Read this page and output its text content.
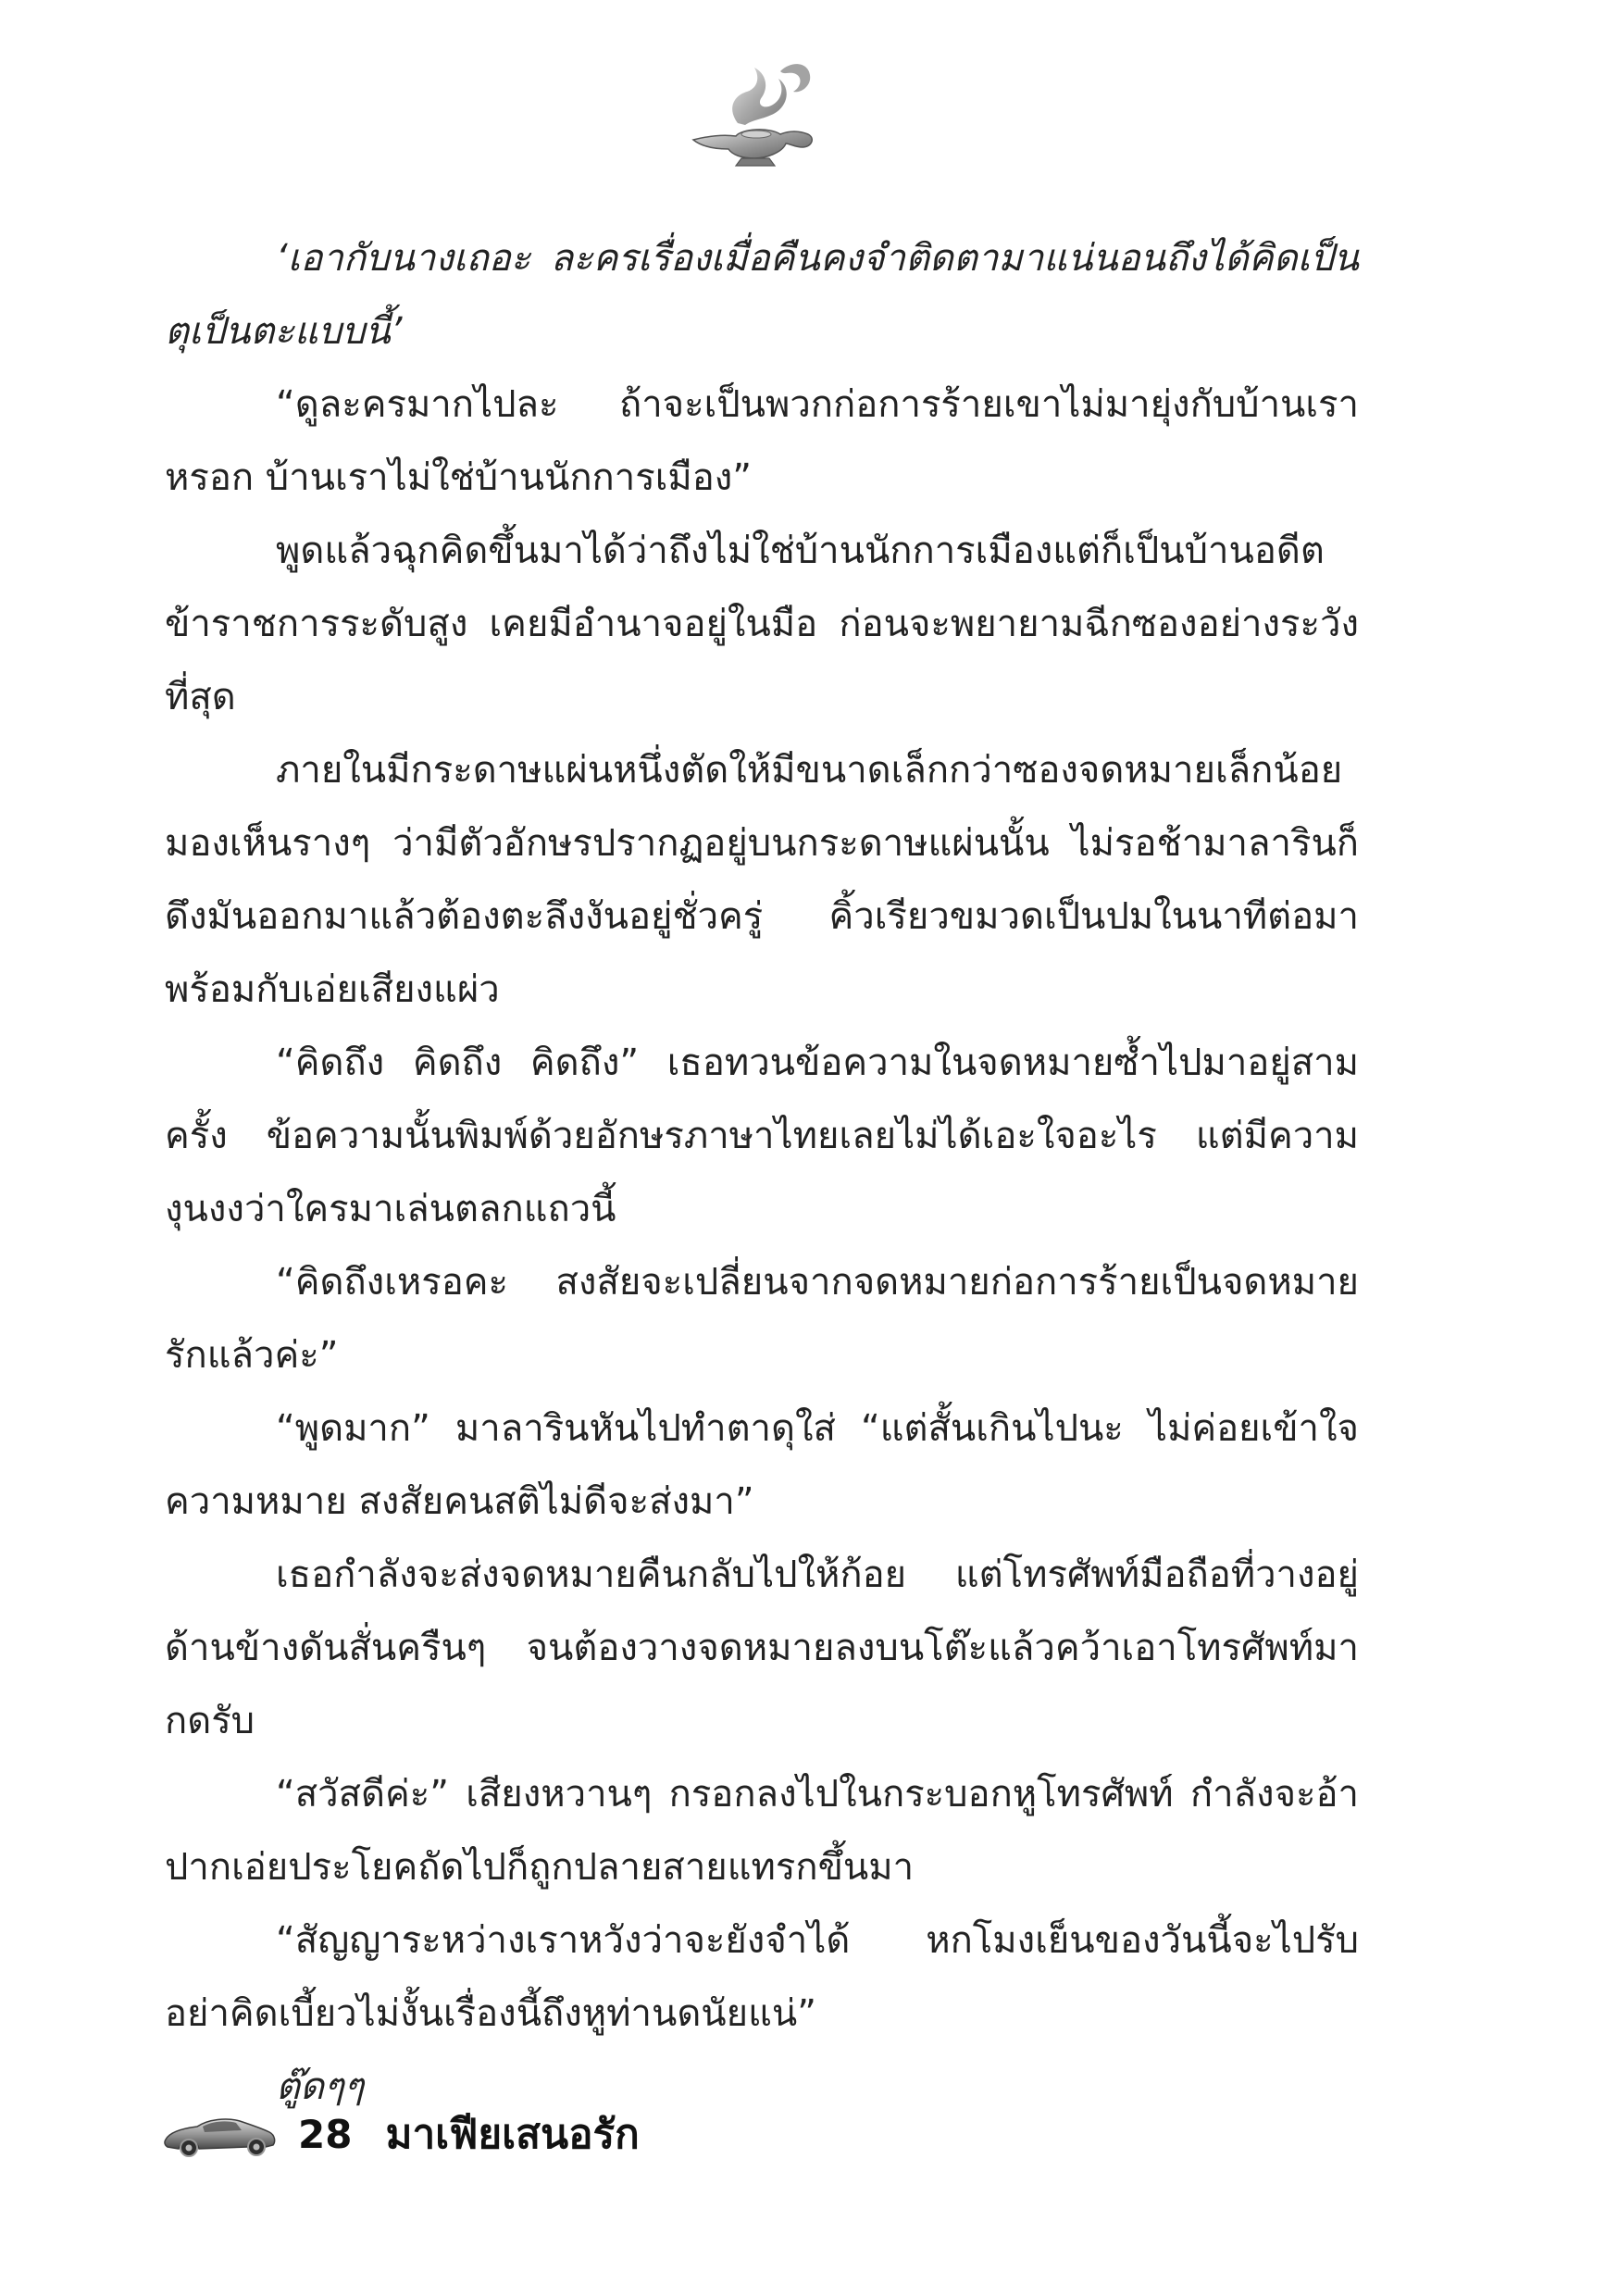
‘เอากับนางเถอะ ละครเรื่องเมื่อคืนคงจำติดตามาแน่นอนถึงได้คิดเป็นตุเป็นตะแบบนี้’

“ดูละครมากไปละ ถ้าจะเป็นพวกก่อการร้ายเขาไม่มายุ่งกับบ้านเราหรอก บ้านเราไม่ใช่บ้านนักการเมือง”

พูดแล้วฉุกคิดขึ้นมาได้ว่าถึงไม่ใช่บ้านนักการเมืองแต่ก็เป็นบ้านอดีตข้าราชการระดับสูง เคยมีอำนาจอยู่ในมือ ก่อนจะพยายามฉีกซองอย่างระวังที่สุด

ภายในมีกระดาษแผ่นหนึ่งตัดให้มีขนาดเล็กกว่าซองจดหมายเล็กน้อย มองเห็นรางๆ ว่ามีตัวอักษรปรากฏอยู่บนกระดาษแผ่นนั้น ไม่รอช้ามาลารินก็ดึงมันออกมาแล้วต้องตะลึงงันอยู่ชั่วครู่ คิ้วเรียวขมวดเป็นปมในนาทีต่อมาพร้อมกับเอ่ยเสียงแผ่ว

“คิดถึง คิดถึง คิดถึง” เธอทวนข้อความในจดหมายซ้ำไปมาอยู่สามครั้ง ข้อความนั้นพิมพ์ด้วยอักษรภาษาไทยเลยไม่ได้เอะใจอะไร แต่มีความงุนงงว่าใครมาเล่นตลกแถวนี้

“คิดถึงเหรอคะ สงสัยจะเปลี่ยนจากจดหมายก่อการร้ายเป็นจดหมายรักแล้วค่ะ”

“พูดมาก” มาลารินหันไปทำตาดุใส่ “แต่สั้นเกินไปนะ ไม่ค่อยเข้าใจความหมาย สงสัยคนสติไม่ดีจะส่งมา”

เธอกำลังจะส่งจดหมายคืนกลับไปให้ก้อย แต่โทรศัพท์มือถือที่วางอยู่ด้านข้างดันสั่นครืนๆ จนต้องวางจดหมายลงบนโต๊ะแล้วคว้าเอาโทรศัพท์มากดรับ

“สวัสดีค่ะ” เสียงหวานๆ กรอกลงไปในกระบอกหูโทรศัพท์ กำลังจะอ้าปากเอ่ยประโยคถัดไปก็ถูกปลายสายแทรกขึ้นมา

“สัญญาระหว่างเราหวังว่าจะยังจำได้ หกโมงเย็นของวันนี้จะไปรับอย่าคิดเบี้ยวไม่งั้นเรื่องนี้ถึงหูท่านดนัยแน่”

ตู๊ดๆๆ

28 มาเฟียเสนอรัก
